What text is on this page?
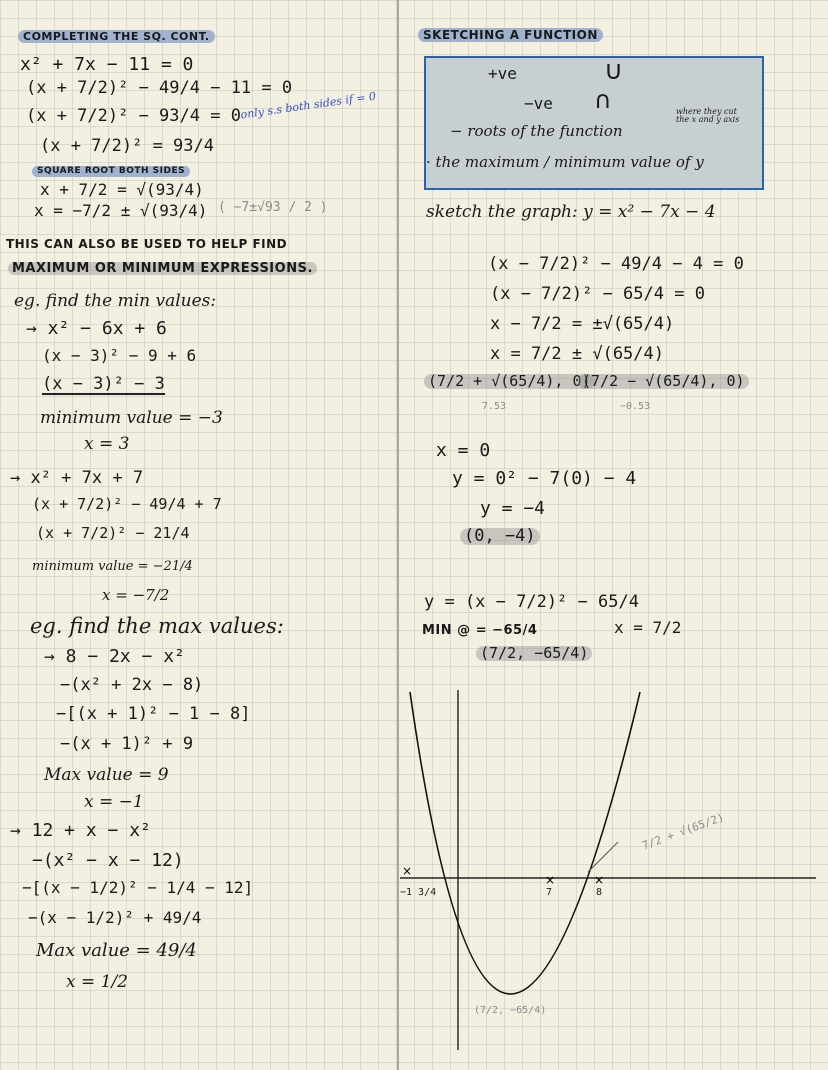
COMPLETING THE SQ. CONT.
x² + 7x − 11 = 0
(x + 7/2)² − 49/4 − 11 = 0
(x + 7/2)² − 93/4 = 0
(x + 7/2)² = 93/4
only s.s both sides if = 0
SQUARE ROOT BOTH SIDES
x + 7/2 = √(93/4)
x = −7/2 ± √(93/4) ( −7±√93 / 2 )
THIS CAN ALSO BE USED TO HELP FIND
MAXIMUM OR MINIMUM EXPRESSIONS.
eg. find the min values:
→ x² − 6x + 6
(x − 3)² − 9 + 6
(x − 3)² − 3
minimum value = −3
x = 3
→ x² + 7x + 7
(x + 7/2)² − 49/4 + 7
(x + 7/2)² − 21/4
minimum value = −21/4
x = −7/2
eg. find the max values:
→ 8 − 2x − x²
−(x² + 2x − 8)
−[(x + 1)² − 1 − 8]
−(x + 1)² + 9
Max value = 9
x = −1
→ 12 + x − x²
−(x² − x − 12)
−[(x − 1/2)² − 1/4 − 12]
−(x − 1/2)² + 49/4
Max value = 49/4
x = 1/2
SKETCHING A FUNCTION
+ve	∪
−ve ∩
− roots of the function
where they cut the x and y axis
· the maximum / minimum value of y
sketch the graph: y = x² − 7x − 4
(x − 7/2)² − 49/4 − 4 = 0
(x − 7/2)² − 65/4 = 0
x − 7/2 = ±√(65/4)
x = 7/2 ± √(65/4)
(7/2 + √(65/4), 0)
(7/2 − √(65/4), 0)
7.53	−0.53
x = 0
y = 0² − 7(0) − 4
y = −4
(0, −4)
y = (x − 7/2)² − 65/4
MIN @ = −65/4	x = 7/2
(7/2, −65/4)
×
×	×
−1 3/4	7	8
7/2 + √(65/2)
(7/2, −65/4)
